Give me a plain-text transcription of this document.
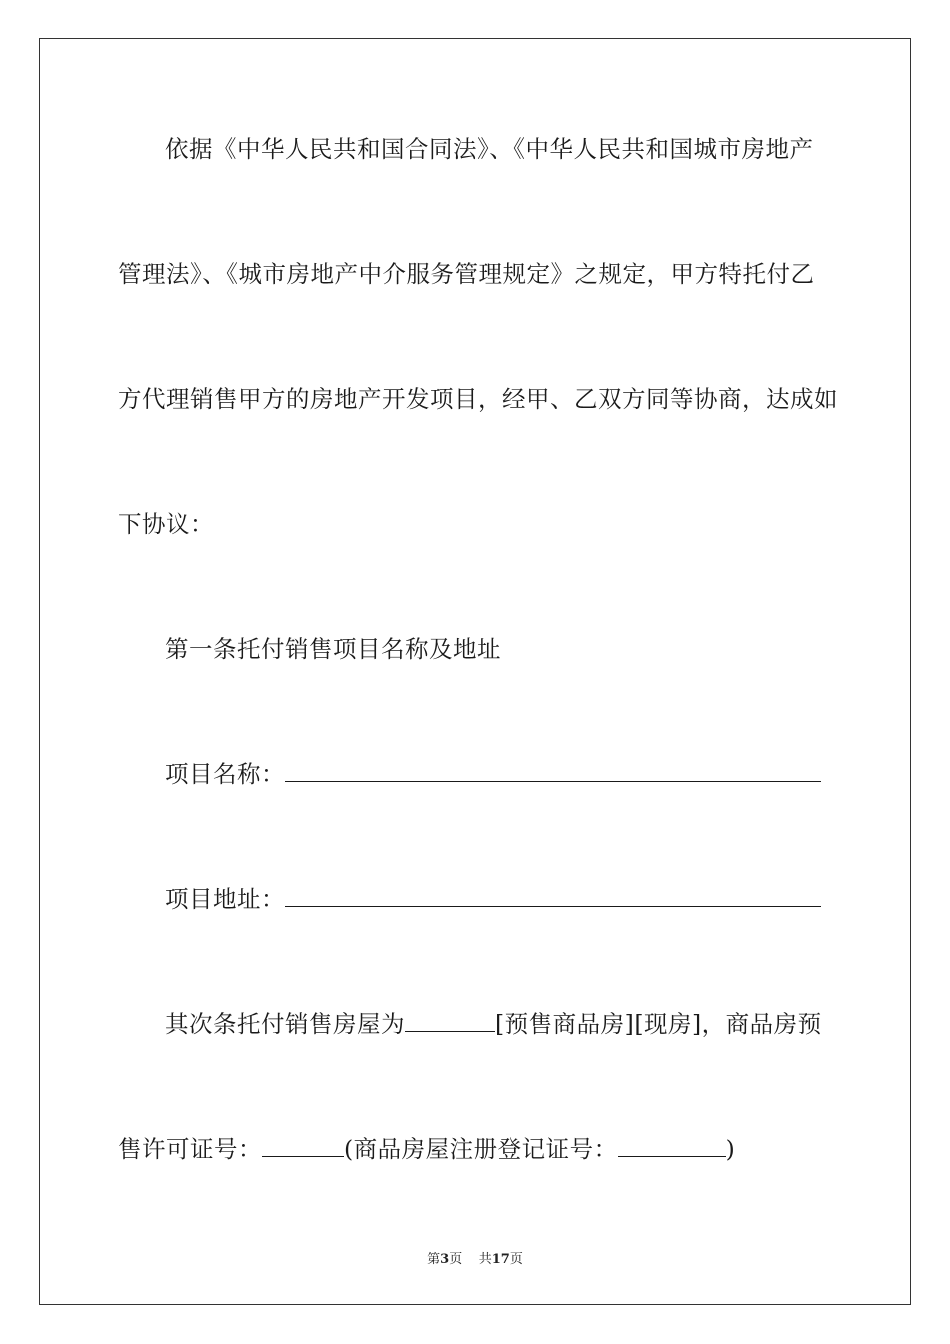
依据《中华人民共和国合同法》、《中华人民共和国城市房地产
管理法》、《城市房地产中介服务管理规定》之规定，甲方特托付乙
方代理销售甲方的房地产开发项目，经甲、乙双方同等协商，达成如
下协议：
第一条托付销售项目名称及地址
项目名称：
项目地址：
其次条托付销售房屋为	[预售商品房][现房]，商品房预
售许可证号：	(商品房屋注册登记证号：	)
第3页 共17页
